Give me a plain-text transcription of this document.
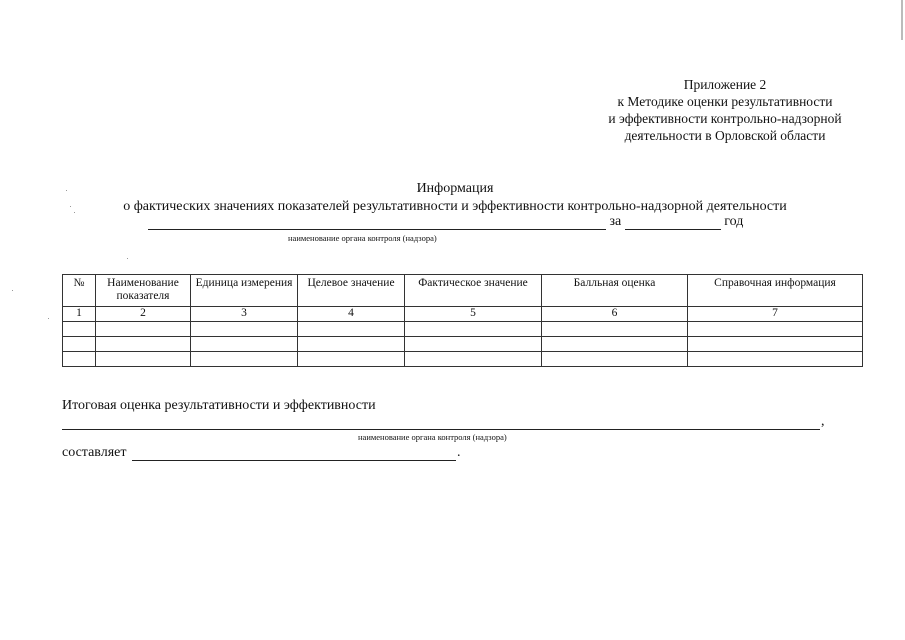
Приложение 2
к Методике оценки результативности
и эффективности контрольно-надзорной
деятельности в Орловской области
Информация
о фактических значениях показателей результативности и эффективности контрольно-надзорной деятельности
за	год
наименование органа контроля (надзора)
№	Наименование показателя	Единица измерения	Целевое значение	Фактическое значение	Балльная оценка	Справочная информация
1	2	3	4	5	6	7

Итоговая оценка результативности и эффективности
,
наименование органа контроля (надзора)
составляет	.
